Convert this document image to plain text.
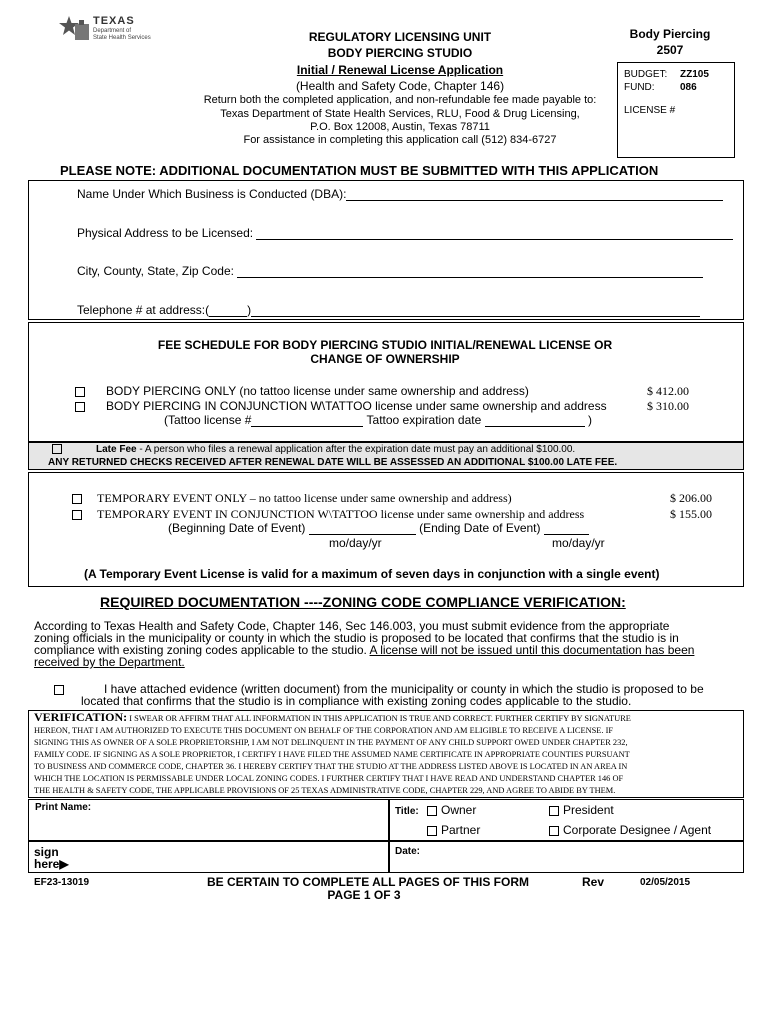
TEXAS
Department of
State Health Services	REGULATORY LICENSING UNIT
BODY PIERCING STUDIO
Initial / Renewal License Application
(Health and Safety Code, Chapter 146)
Return both the completed application, and non-refundable fee made payable to:
Texas Department of State Health Services, RLU, Food & Drug Licensing,
P.O. Box 12008, Austin, Texas 78711
For assistance in completing this application call (512) 834-6727
Body Piercing
2507
BUDGET: ZZ105
FUND:	086
LICENSE #
PLEASE NOTE: ADDITIONAL DOCUMENTATION MUST BE SUBMITTED WITH THIS APPLICATION
Name Under Which Business is Conducted (DBA):
Physical Address to be Licensed:
City, County, State, Zip Code:
Telephone # at address:(	)
FEE SCHEDULE FOR BODY PIERCING STUDIO INITIAL/RENEWAL LICENSE OR
CHANGE OF OWNERSHIP
BODY PIERCING ONLY (no tattoo license under same ownership and address)	$ 412.00
BODY PIERCING IN CONJUNCTION W\TATTOO license under same ownership and address	$ 310.00
(Tattoo license #	Tattoo expiration date	)
Late Fee - A person who files a renewal application after the expiration date must pay an additional $100.00.
ANY RETURNED CHECKS RECEIVED AFTER RENEWAL DATE WILL BE ASSESSED AN ADDITIONAL $100.00 LATE FEE.
TEMPORARY EVENT ONLY – no tattoo license under same ownership and address)	$ 206.00
TEMPORARY EVENT IN CONJUNCTION W\TATTOO license under same ownership and address	$ 155.00
(Beginning Date of Event)	(Ending Date of Event)
mo/day/yr	mo/day/yr
(A Temporary Event License is valid for a maximum of seven days in conjunction with a single event)
REQUIRED DOCUMENTATION ----ZONING CODE COMPLIANCE VERIFICATION:
According to Texas Health and Safety Code, Chapter 146, Sec 146.003, you must submit evidence from the appropriate
zoning officials in the municipality or county in which the studio is proposed to be located that confirms that the studio is in
compliance with existing zoning codes applicable to the studio. A license will not be issued until this documentation has been
received by the Department.
I have attached evidence (written document) from the municipality or county in which the studio is proposed to be
located that confirms that the studio is in compliance with existing zoning codes applicable to the studio.
VERIFICATION: I SWEAR OR AFFIRM THAT ALL INFORMATION IN THIS APPLICATION IS TRUE AND CORRECT. FURTHER CERTIFY BY SIGNATURE
HEREON, THAT I AM AUTHORIZED TO EXECUTE THIS DOCUMENT ON BEHALF OF THE CORPORATION AND AM ELIGIBLE TO RECEIVE A LICENSE. IF
SIGNING THIS AS OWNER OF A SOLE PROPRIETORSHIP, I AM NOT DELINQUENT IN THE PAYMENT OF ANY CHILD SUPPORT OWED UNDER CHAPTER 232,
FAMILY CODE. IF SIGNING AS A SOLE PROPRIETOR, I CERTIFY I HAVE FILED THE ASSUMED NAME CERTIFICATE IN APPROPRIATE COUNTIES PURSUANT
TO BUSINESS AND COMMERCE CODE, CHAPTER 36. I HEREBY CERTIFY THAT THE STUDIO AT THE ADDRESS LISTED ABOVE IS LOCATED IN AN AREA IN
WHICH THE LOCATION IS PERMISSABLE UNDER LOCAL ZONING CODES. I FURTHER CERTIFY THAT I HAVE READ AND UNDERSTAND CHAPTER 146 OF
THE HEALTH & SAFETY CODE, THE APPLICABLE PROVISIONS OF 25 TEXAS ADMINISTRATIVE CODE, CHAPTER 229, AND AGREE TO ABIDE BY THEM.
Print Name:	Title:	Owner	President
Partner	Corporate Designee / Agent
sign
here▶
Date:
EF23-13019	BE CERTAIN TO COMPLETE ALL PAGES OF THIS FORM
PAGE 1 OF 3
Rev	02/05/2015
